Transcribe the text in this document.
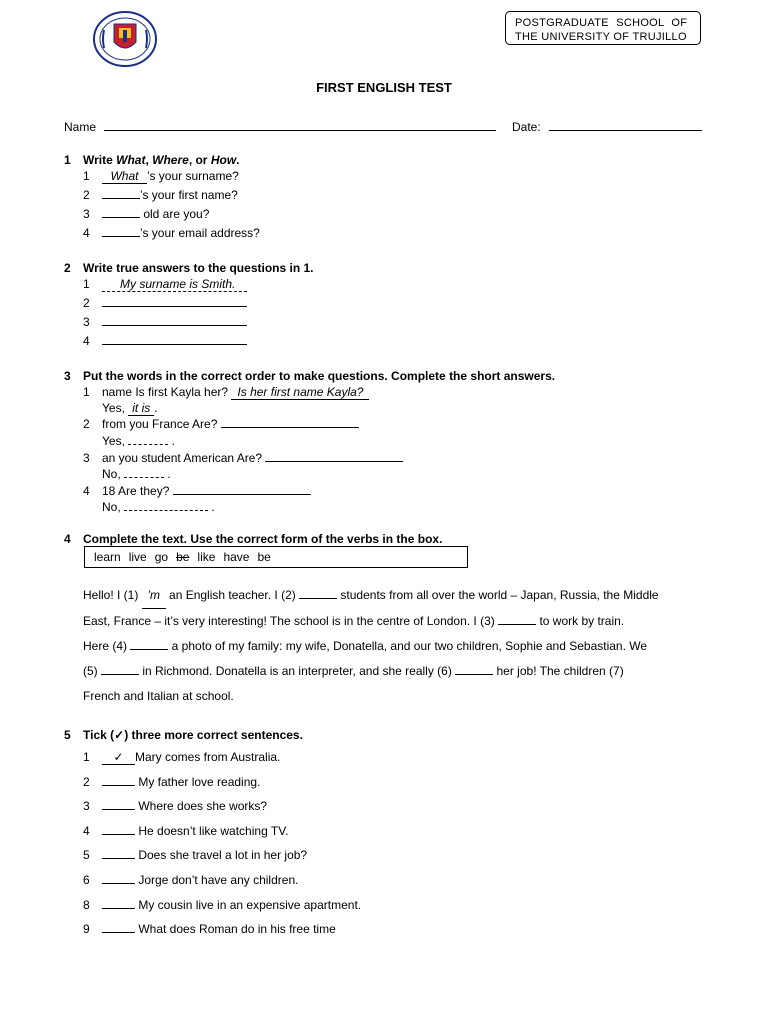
POSTGRADUATE SCHOOL OF
THE UNIVERSITY OF TRUJILLO
FIRST ENGLISH TEST
Name	Date:
1 Write What, Where, or How.
1 What ’s your surname?
2	’s your first name?
3	old are you?
4	’s your email address?
2 Write true answers to the questions in 1.
1	My surname is Smith.
2
3
4
3 Put the words in the correct order to make questions. Complete the short answers.
1 name Is first Kayla her? Is her first name Kayla?
Yes, it is .
2 from you France Are?
Yes,	.
3 an you student American Are?
No,	.
4 18 Are they?
No,	.
4 Complete the text. Use the correct form of the verbs in the box.
learn live go be like have be
Hello! I (1) ’m an English teacher. I (2)	students from all over the world – Japan, Russia, the Middle
East, France – it’s very interesting! The school is in the centre of London. I (3)	to work by train.
Here (4)	a photo of my family: my wife, Donatella, and our two children, Sophie and Sebastian. We
(5)	in Richmond. Donatella is an interpreter, and she really (6)	her job! The children (7)
French and Italian at school.
5 Tick (✓) three more correct sentences.
1 ✓ Mary comes from Australia.
2	My father love reading.
3	Where does she works?
4	He doesn’t like watching TV.
5	Does she travel a lot in her job?
6	Jorge don’t have any children.
8	My cousin live in an expensive apartment.
9	What does Roman do in his free time
